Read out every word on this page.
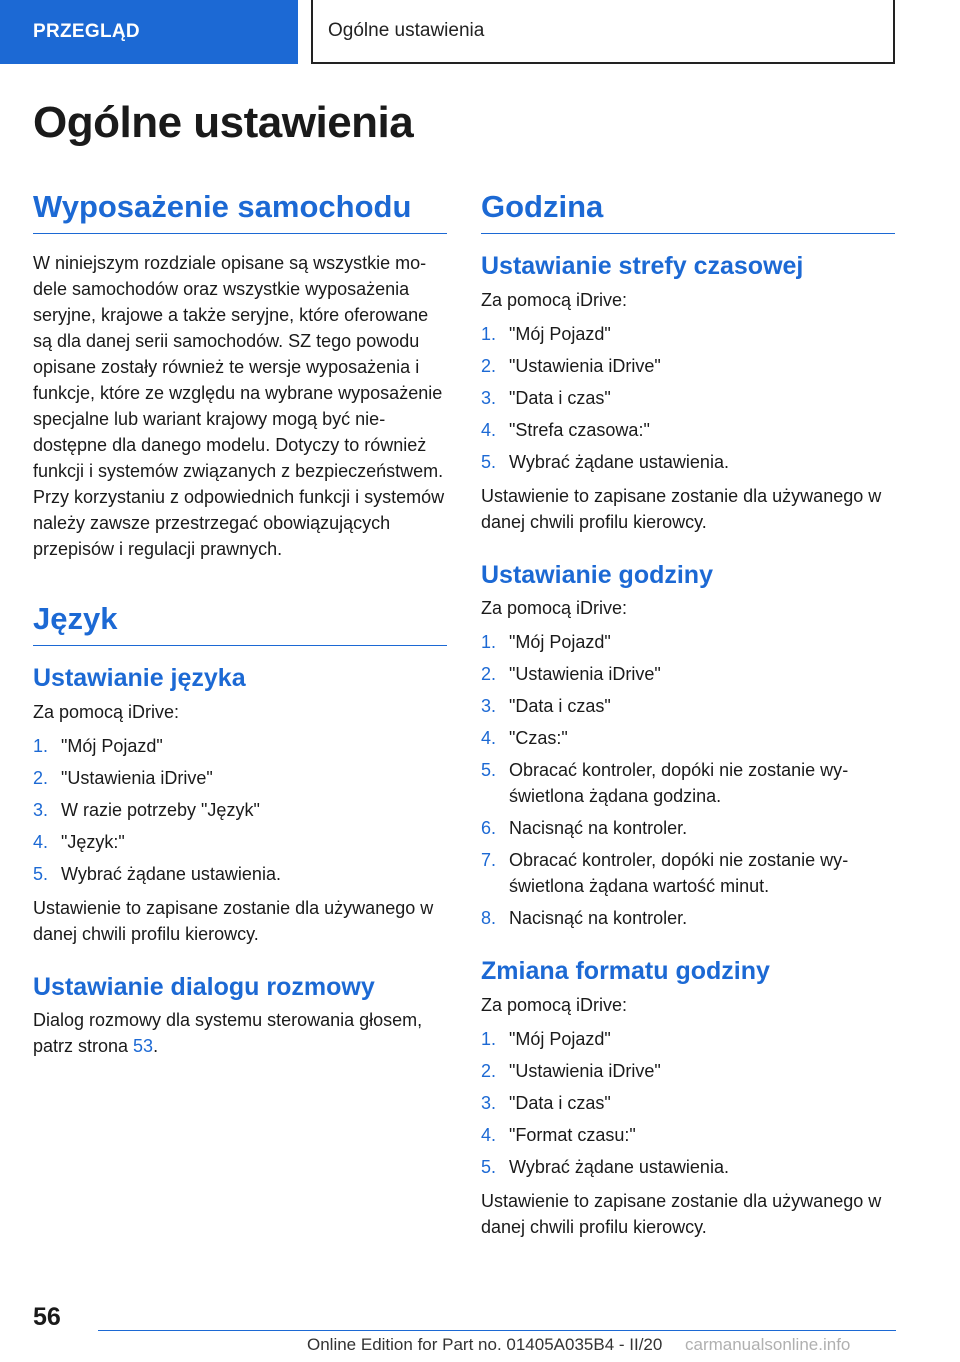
PRZEGLĄD	Ogólne ustawienia
Ogólne ustawienia
Wyposażenie samochodu

W niniejszym rozdziale opisane są wszystkie modele samochodów oraz wszystkie wyposażenia seryjne, krajowe a także seryjne, które oferowane są dla danej serii samochodów. SZ tego powodu opisane zostały również te wersje wyposażenia i funkcje, które ze względu na wybrane wyposażenie specjalne lub wariant krajowy mogą być niedostępne dla danego modelu. Dotyczy to również funkcji i systemów związanych z bezpieczeństwem. Przy korzystaniu z odpowiednich funkcji i systemów należy zawsze przestrzegać obowiązujących przepisów i regulacji prawnych.

Język
Ustawianie języka

Za pomocą iDrive:

1. "Mój Pojazd"
2. "Ustawienia iDrive"
3. W razie potrzeby "Język"
4. "Język:"
5. Wybrać żądane ustawienia.

Ustawienie to zapisane zostanie dla używanego w danej chwili profilu kierowcy.

Ustawianie dialogu rozmowy

Dialog rozmowy dla systemu sterowania głosem, patrz strona 53.

Godzina
Ustawianie strefy czasowej

Za pomocą iDrive:

1. "Mój Pojazd"
2. "Ustawienia iDrive"
3. "Data i czas"
4. "Strefa czasowa:"
5. Wybrać żądane ustawienia.

Ustawienie to zapisane zostanie dla używanego w danej chwili profilu kierowcy.

Ustawianie godziny

Za pomocą iDrive:

1. "Mój Pojazd"
2. "Ustawienia iDrive"
3. "Data i czas"
4. "Czas:"
5. Obracać kontroler, dopóki nie zostanie wyświetlona żądana godzina.
6. Nacisnąć na kontroler.
7. Obracać kontroler, dopóki nie zostanie wyświetlona żądana wartość minut.
8. Nacisnąć na kontroler.
Zmiana formatu godziny

Za pomocą iDrive:

1. "Mój Pojazd"
2. "Ustawienia iDrive"
3. "Data i czas"
4. "Format czasu:"
5. Wybrać żądane ustawienia.

Ustawienie to zapisane zostanie dla używanego w danej chwili profilu kierowcy.

56
Online Edition for Part no. 01405A035B4 - II/20 carmanualsonline.info
